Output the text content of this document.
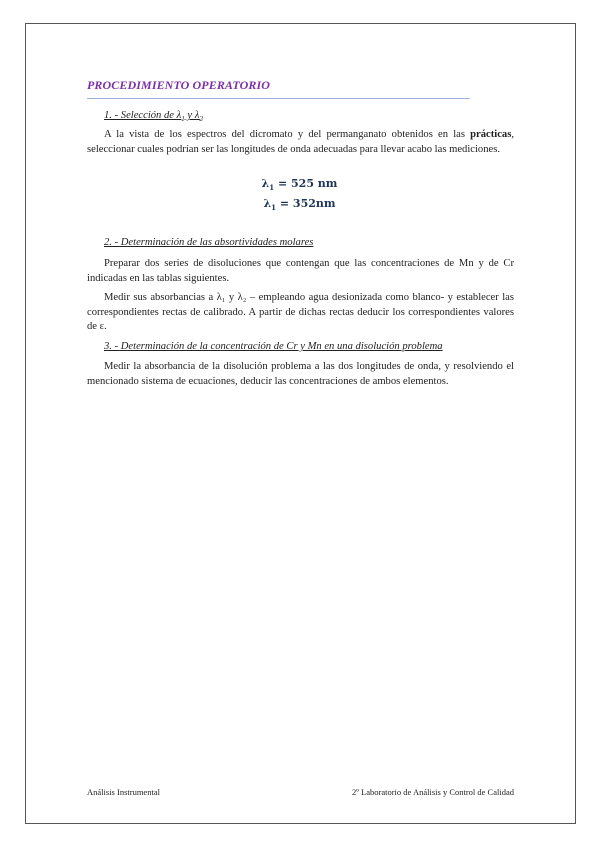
PROCEDIMIENTO OPERATORIO
1. - Selección de $\lambda_1$ y $\lambda_2$

A la vista de los espectros del dicromato y del permanganato obtenidos en las prácticas, seleccionar cuales podrían ser las longitudes de onda adecuadas para llevar acabo las mediciones.

$\lambda_1 = 525$ nm
$\lambda_1 = 352nm$
2. - Determinación de las absortividades molares

Preparar dos series de disoluciones que contengan que las concentraciones de Mn y de Cr indicadas en las tablas siguientes.

Medir sus absorbancias a λ₁ y λ₂ – empleando agua desionizada como blanco- y establecer las correspondientes rectas de calibrado. A partir de dichas rectas deducir los correspondientes valores de ε.

3. - Determinación de la concentración de Cr y Mn en una disolución problema

Medir la absorbancia de la disolución problema a las dos longitudes de onda, y resolviendo el mencionado sistema de ecuaciones, deducir las concentraciones de ambos elementos.

Análisis Instrumental	2º Laboratorio de Análisis y Control de Calidad
